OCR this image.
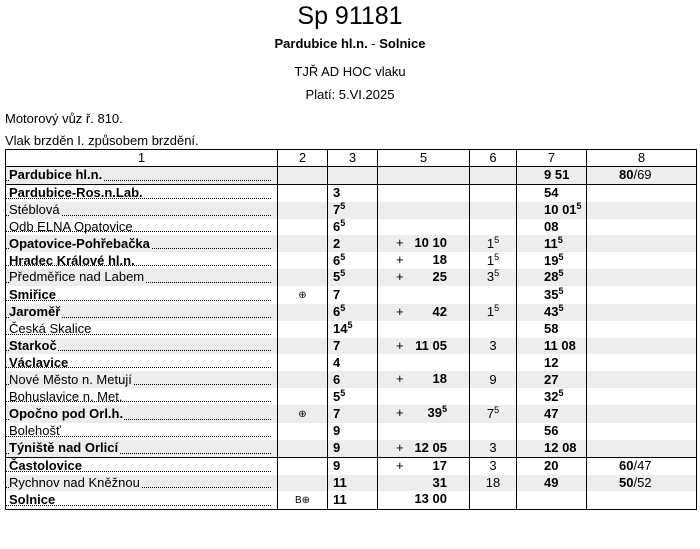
Sp 91181
Pardubice hl.n. - Solnice
TJŘ AD HOC vlaku
Platí: 5.VI.2025
Motorový vůz ř. 810.
Vlak brzděn I. způsobem brzdění.
1	2	3	5	6	7	8

Pardubice hl.n.					9 51	80/69

Pardubice-Ros.n.Lab.		3			54	

Stéblová		$7^5$			10 $01^5$	

Odb ELNA Opatovice		$6^5$			08	

Opatovice-Pohřebačka		2	+ 10 10	$1^5$	$11^5$	

Hradec Králové hl.n.		$6^5$	+ 18	$1^5$	$19^5$	

Předměřice nad Labem		$5^5$	+ 25	$3^5$	$28^5$	

Smiřice	⊕	7			$35^5$	

Jaroměř		$6^5$	+ 42	$1^5$	$43^5$	

Česká Skalice		$14^5$			58	

Starkoč		7	+ 11 05	3	11 08	

Václavice		4			12	

Nové Město n. Metují		6	+ 18	9	27	

Bohuslavice n. Met.		$5^5$			$32^5$	

Opočno pod Orl.h.	⊕	7	+ $39^5$	$7^5$	47	

Bolehošť		9			56	

Týniště nad Orlicí		9	+ 12 05	3	12 08	

Častolovice		9	+ 17	3	20	60/47

Rychnov nad Kněžnou		11	31	18	49	50/52

Solnice	B⊕	11	13 00			
